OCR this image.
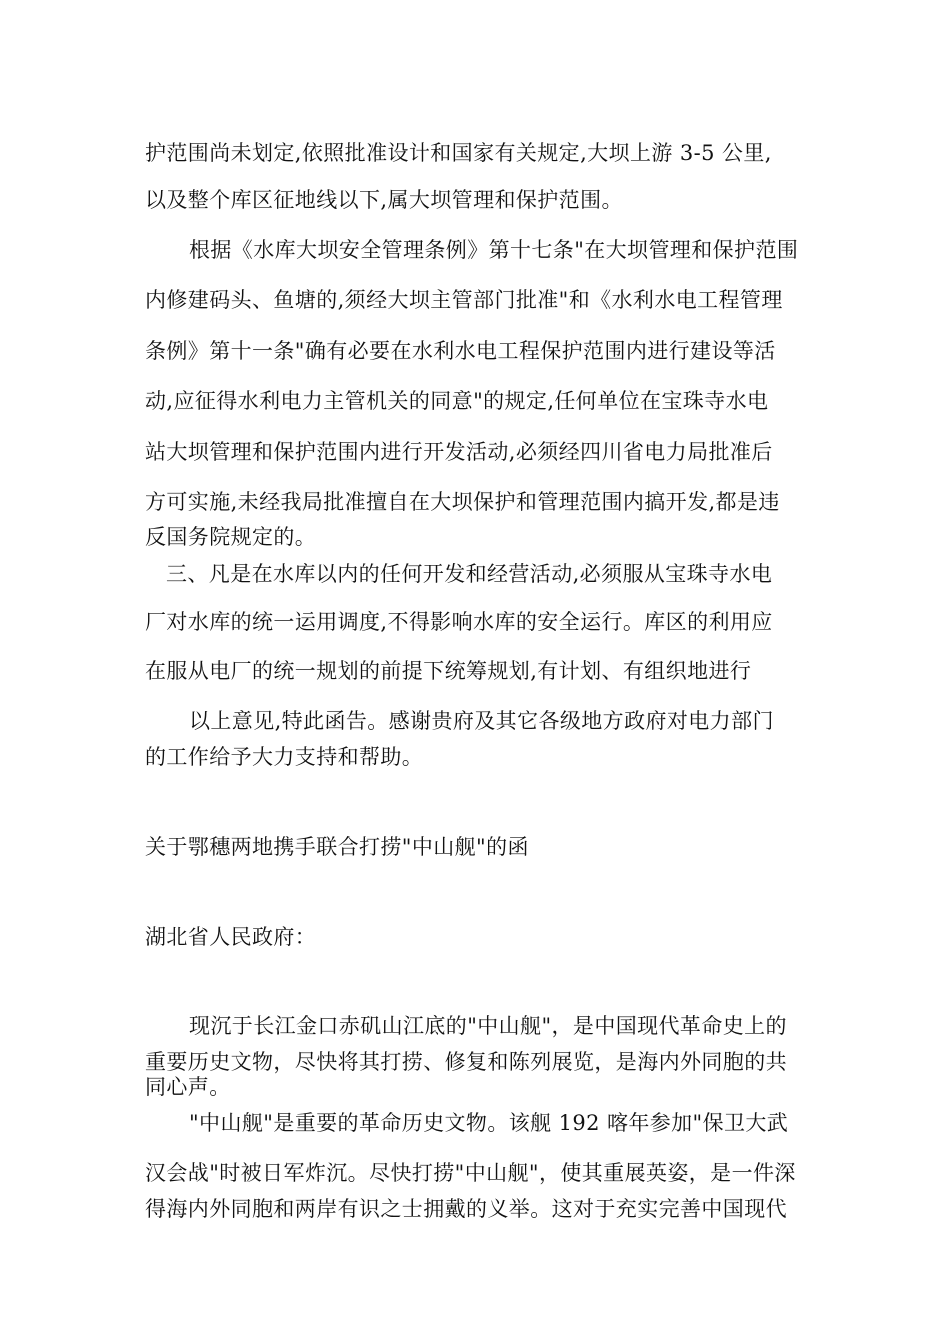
护范围尚未划定,依照批准设计和国家有关规定,大坝上游 3-5 公里,

以及整个库区征地线以下,属大坝管理和保护范围。

根据《水库大坝安全管理条例》第十七条"在大坝管理和保护范围

内修建码头、鱼塘的,须经大坝主管部门批准"和《水利水电工程管理

条例》第十一条"确有必要在水利水电工程保护范围内进行建设等活

动,应征得水利电力主管机关的同意"的规定,任何单位在宝珠寺水电

站大坝管理和保护范围内进行开发活动,必须经四川省电力局批准后

方可实施,未经我局批准擅自在大坝保护和管理范围内搞开发,都是违

反国务院规定的。

三、凡是在水库以内的任何开发和经营活动,必须服从宝珠寺水电

厂对水库的统一运用调度,不得影响水库的安全运行。库区的利用应

在服从电厂的统一规划的前提下统筹规划,有计划、有组织地进行

以上意见,特此函告。感谢贵府及其它各级地方政府对电力部门

的工作给予大力支持和帮助。

关于鄂穗两地携手联合打捞"中山舰"的函

湖北省人民政府：

现沉于长江金口赤矶山江底的"中山舰"，是中国现代革命史上的

重要历史文物，尽快将其打捞、修复和陈列展览，是海内外同胞的共

同心声。

"中山舰"是重要的革命历史文物。该舰 192 喀年参加"保卫大武

汉会战"时被日军炸沉。尽快打捞"中山舰"，使其重展英姿，是一件深

得海内外同胞和两岸有识之士拥戴的义举。这对于充实完善中国现代
